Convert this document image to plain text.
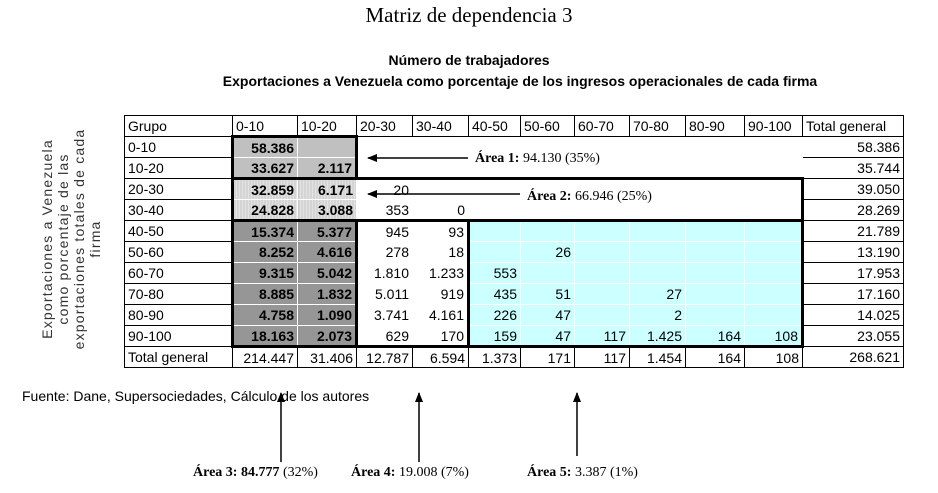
Matriz de dependencia 3
Número de trabajadores
Exportaciones a Venezuela como porcentaje de los ingresos operacionales de cada firma
Exportaciones a Venezuela como porcentaje de las exportaciones totales de cada firma
Grupo	0-10	10-20	20-30	30-40	40-50	50-60	60-70	70-80	80-90	90-100	Total general
0-10	58.386										58.386
10-20	33.627	2.117									35.744
20-30	32.859	6.171	20								39.050
30-40	24.828	3.088	353	0							28.269
40-50	15.374	5.377	945	93							21.789
50-60	8.252	4.616	278	18		26					13.190
60-70	9.315	5.042	1.810	1.233	553						17.953
70-80	8.885	1.832	5.011	919	435	51		27			17.160
80-90	4.758	1.090	3.741	4.161	226	47		2			14.025
90-100	18.163	2.073	629	170	159	47	117	1.425	164	108	23.055
Total general	214.447	31.406	12.787	6.594	1.373	171	117	1.454	164	108	268.621
Área 1: 94.130 (35%)
Área 2: 66.946 (25%)
Área 3: 84.777 (32%) Área 4: 19.008 (7%)	Área 5: 3.387 (1%)
Fuente: Dane, Supersociedades, Cálculo de los autores
